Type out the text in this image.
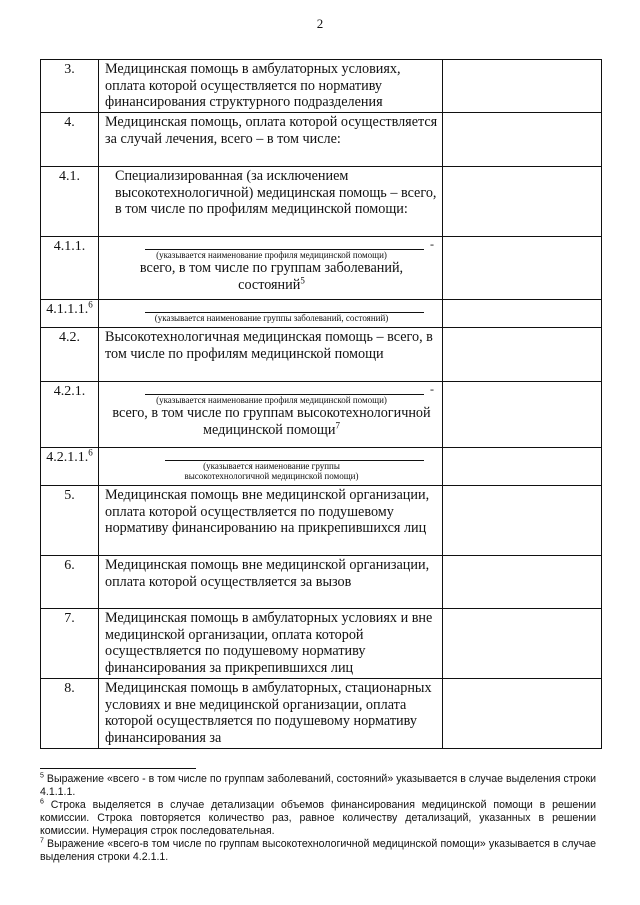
2
3.	Медицинская помощь в амбулаторных условиях, оплата которой осуществляется по нормативу финансирования структурного подразделения	
4.	Медицинская помощь, оплата которой осуществляется за случай лечения, всего – в том числе:	
4.1.	Специализированная (за исключением высокотехнологичной) медицинская помощь – всего, в том числе по профилям медицинской помощи:	
4.1.1.	-
(указывается наименование профиля медицинской помощи)
всего, в том числе по группам заболеваний, состояний$^5$

4.1.1.1.$^6$	(указывается наименование группы заболеваний, состояний)	

4.2.	Высокотехнологичная медицинская помощь – всего, в том числе по профилям медицинской помощи	
4.2.1.	-
(указывается наименование профиля медицинской помощи)
всего, в том числе по группам высокотехнологичной медицинской помощи$^7$

4.2.1.1.$^6$	(указывается наименование группы высокотехнологичной медицинской помощи)	

5.	Медицинская помощь вне медицинской организации, оплата которой осуществляется по подушевому нормативу финансированию на прикрепившихся лиц	
6.	Медицинская помощь вне медицинской организации, оплата которой осуществляется за вызов	
7.	Медицинская помощь в амбулаторных условиях и вне медицинской организации, оплата которой осуществляется по подушевому нормативу финансирования за прикрепившихся лиц	
8.	Медицинская помощь в амбулаторных, стационарных условиях и вне медицинской организации, оплата которой осуществляется по подушевому нормативу финансирования за	

$^5$ Выражение «всего - в том числе по группам заболеваний, состояний» указывается в случае выделения строки 4.1.1.1.

$^6$ Строка выделяется в случае детализации объемов финансирования медицинской помощи в решении комиссии. Строка повторяется количество раз, равное количеству детализаций, указанных в решении комиссии. Нумерация строк последовательная.

$^7$ Выражение «всего-в том числе по группам высокотехнологичной медицинской помощи» указывается в случае выделения строки 4.2.1.1.
